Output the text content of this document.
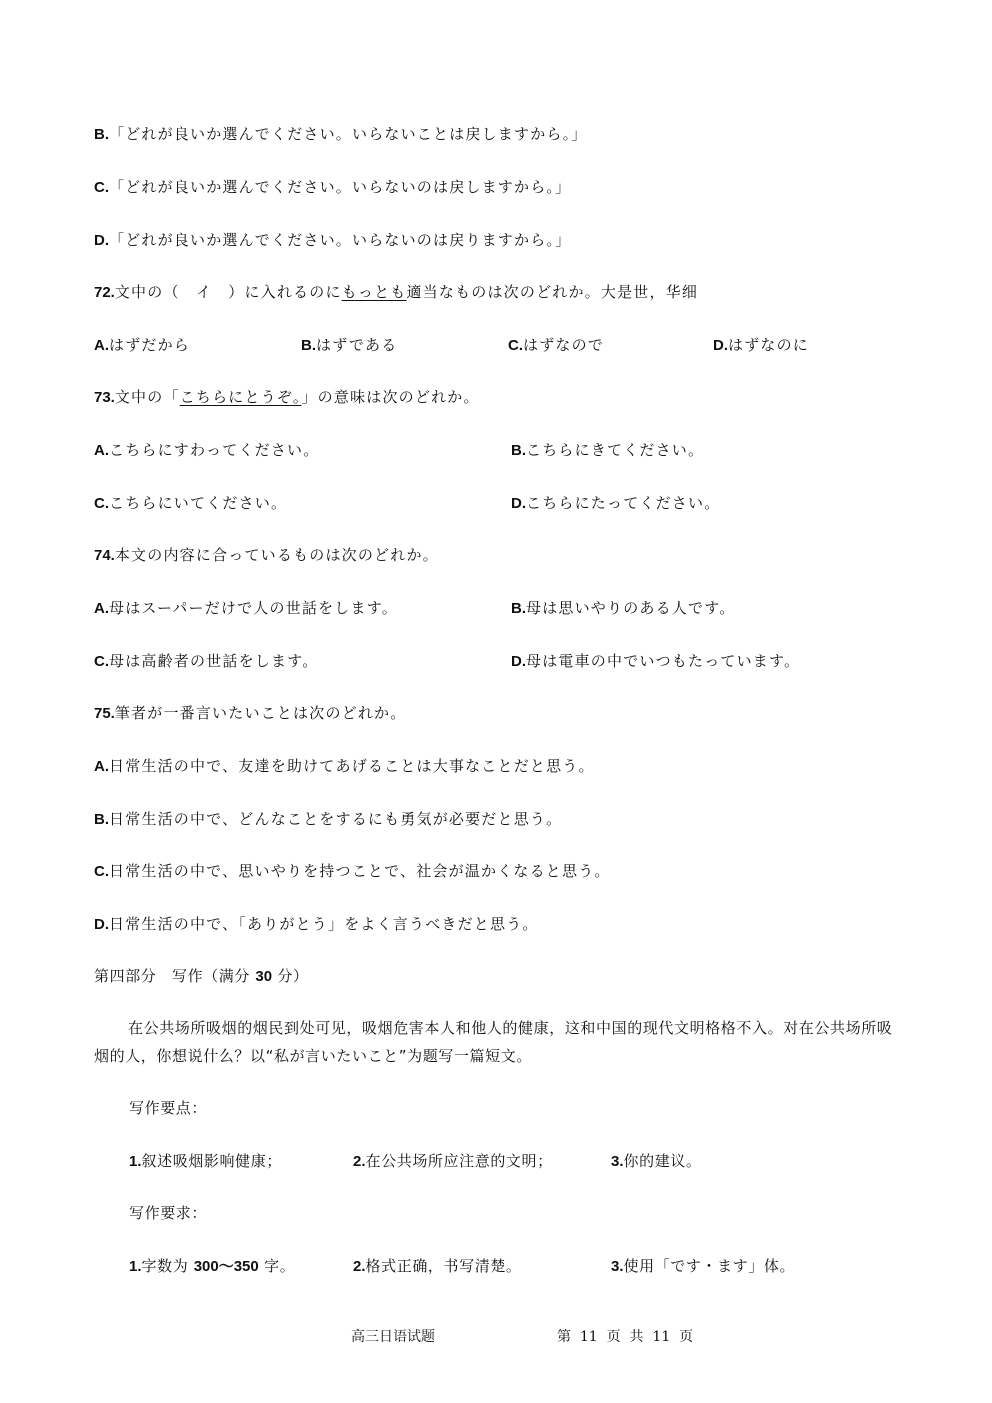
B.「どれが良いか選んでください。いらないことは戻しますから。」
C.「どれが良いか選んでください。いらないのは戻しますから。」
D.「どれが良いか選んでください。いらないのは戻りますから。」
72.文中の（　イ　）に入れるのにもっとも適当なものは次のどれか。大是世，华细
A.はずだから	B.はずである	C.はずなので	D.はずなのに
73.文中の「こちらにとうぞ。」の意味は次のどれか。
A.こちらにすわってください。	B.こちらにきてください。
C.こちらにいてください。	D.こちらにたってください。
74.本文の内容に合っているものは次のどれか。
A.母はスーパーだけで人の世話をします。	B.母は思いやりのある人です。
C.母は高齢者の世話をします。	D.母は電車の中でいつもたっています。
75.筆者が一番言いたいことは次のどれか。
A.日常生活の中で、友達を助けてあげることは大事なことだと思う。
B.日常生活の中で、どんなことをするにも勇気が必要だと思う。
C.日常生活の中で、思いやりを持つことで、社会が温かくなると思う。
D.日常生活の中で、「ありがとう」をよく言うべきだと思う。
第四部分　写作（满分 30 分）
在公共场所吸烟的烟民到处可见，吸烟危害本人和他人的健康，这和中国的现代文明格格不入。对在公共场所吸烟的人，你想说什么？以“私が言いたいこと”为题写一篇短文。
写作要点：
1.叙述吸烟影响健康；	2.在公共场所应注意的文明；	3.你的建议。
写作要求：
1.字数为 300～350 字。	2.格式正确，书写清楚。	3.使用「です・ます」体。
高三日语试题	第  11  页  共  11  页
